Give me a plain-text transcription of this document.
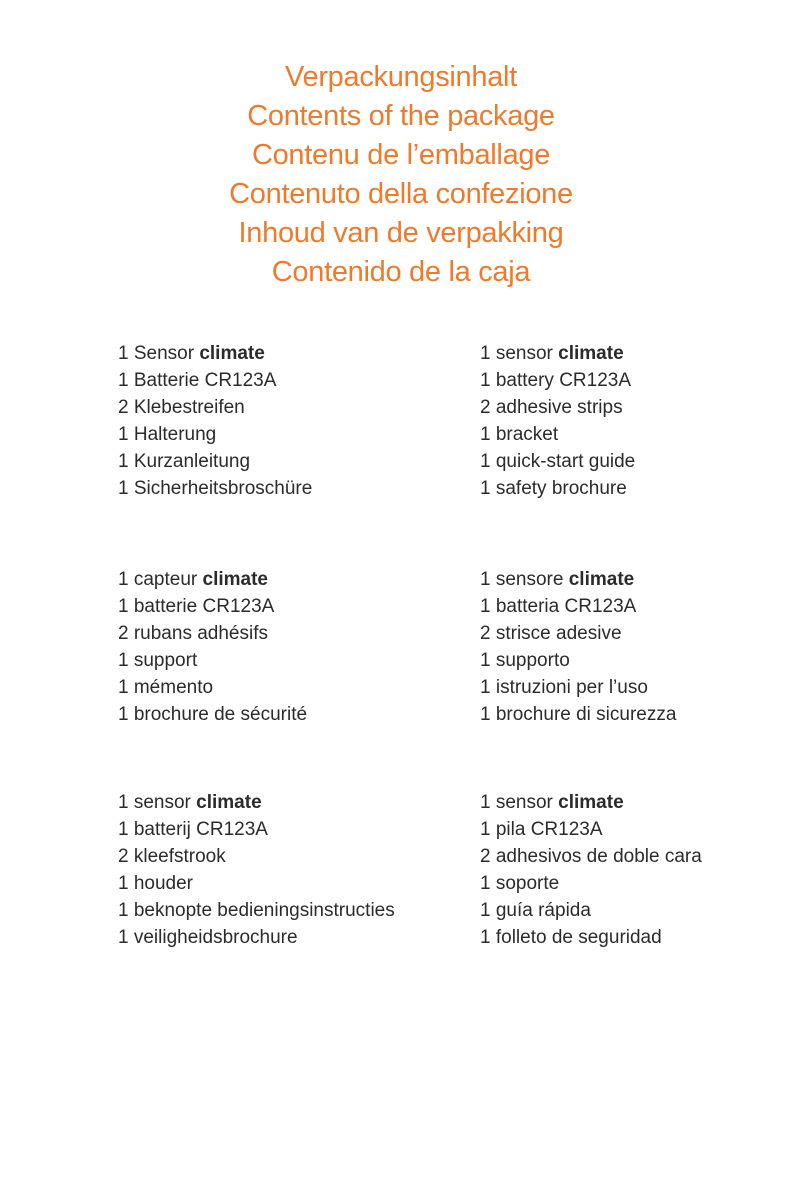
Verpackungsinhalt
Contents of the package
Contenu de l’emballage
Contenuto della confezione
Inhoud van de verpakking
Contenido de la caja
1 Sensor climate
1 Batterie CR123A
2 Klebestreifen
1 Halterung
1 Kurzanleitung
1 Sicherheitsbroschüre
1 sensor climate
1 battery CR123A
2 adhesive strips
1 bracket
1 quick-start guide
1 safety brochure
1 capteur climate
1 batterie CR123A
2 rubans adhésifs
1 support
1 mémento
1 brochure de sécurité
1 sensore climate
1 batteria CR123A
2 strisce adesive
1 supporto
1 istruzioni per l’uso
1 brochure di sicurezza
1 sensor climate
1 batterij CR123A
2 kleefstrook
1 houder
1 beknopte bedieningsinstructies
1 veiligheidsbrochure
1 sensor climate
1 pila CR123A
2 adhesivos de doble cara
1 soporte
1 guía rápida
1 folleto de seguridad
